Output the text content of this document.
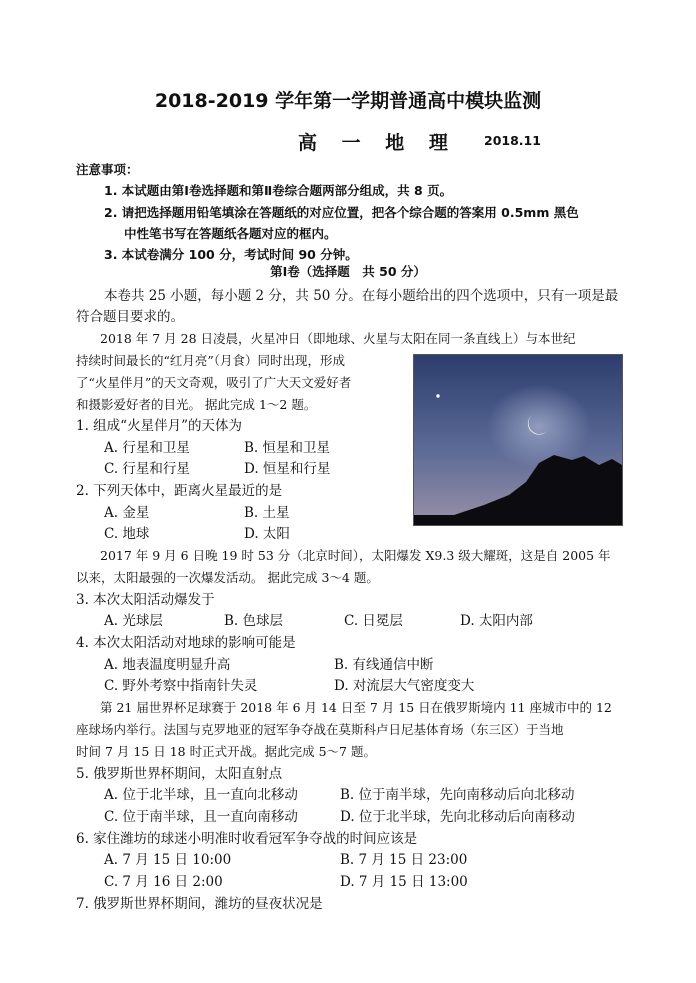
2018-2019 学年第一学期普通高中模块监测
高 一 地 理 2018.11
注意事项：
1. 本试题由第Ⅰ卷选择题和第Ⅱ卷综合题两部分组成，共 8 页。
2. 请把选择题用铅笔填涂在答题纸的对应位置，把各个综合题的答案用 0.5mm 黑色
中性笔书写在答题纸各题对应的框内。
3. 本试卷满分 100 分，考试时间 90 分钟。
第Ⅰ卷（选择题　共 50 分）
本卷共 25 小题，每小题 2 分，共 50 分。在每小题给出的四个选项中，只有一项是最
符合题目要求的。
2018 年 7 月 28 日凌晨，火星冲日（即地球、火星与太阳在同一条直线上）与本世纪
持续时间最长的“红月亮”（月食）同时出现，形成
了“火星伴月”的天文奇观，吸引了广大天文爱好者
和摄影爱好者的目光。 据此完成 1～2 题。
1. 组成“火星伴月”的天体为
A. 行星和卫星	B. 恒星和卫星
C. 行星和行星	D. 恒星和行星
2. 下列天体中，距离火星最近的是
A. 金星	B. 土星
C. 地球	D. 太阳
2017 年 9 月 6 日晚 19 时 53 分（北京时间），太阳爆发 X9.3 级大耀斑，这是自 2005 年
以来，太阳最强的一次爆发活动。 据此完成 3～4 题。
3. 本次太阳活动爆发于
A. 光球层	B. 色球层	C. 日冕层	D. 太阳内部
4. 本次太阳活动对地球的影响可能是
A. 地表温度明显升高	B. 有线通信中断
C. 野外考察中指南针失灵	D. 对流层大气密度变大
第 21 届世界杯足球赛于 2018 年 6 月 14 日至 7 月 15 日在俄罗斯境内 11 座城市中的 12
座球场内举行。法国与克罗地亚的冠军争夺战在莫斯科卢日尼基体育场（东三区）于当地
时间 7 月 15 日 18 时正式开战。据此完成 5～7 题。
5. 俄罗斯世界杯期间，太阳直射点
A. 位于北半球，且一直向北移动	B. 位于南半球，先向南移动后向北移动
C. 位于南半球，且一直向南移动	D. 位于北半球，先向北移动后向南移动
6. 家住潍坊的球迷小明准时收看冠军争夺战的时间应该是
A. 7 月 15 日 10:00	B. 7 月 15 日 23:00
C. 7 月 16 日 2:00	D. 7 月 15 日 13:00
7. 俄罗斯世界杯期间，潍坊的昼夜状况是
